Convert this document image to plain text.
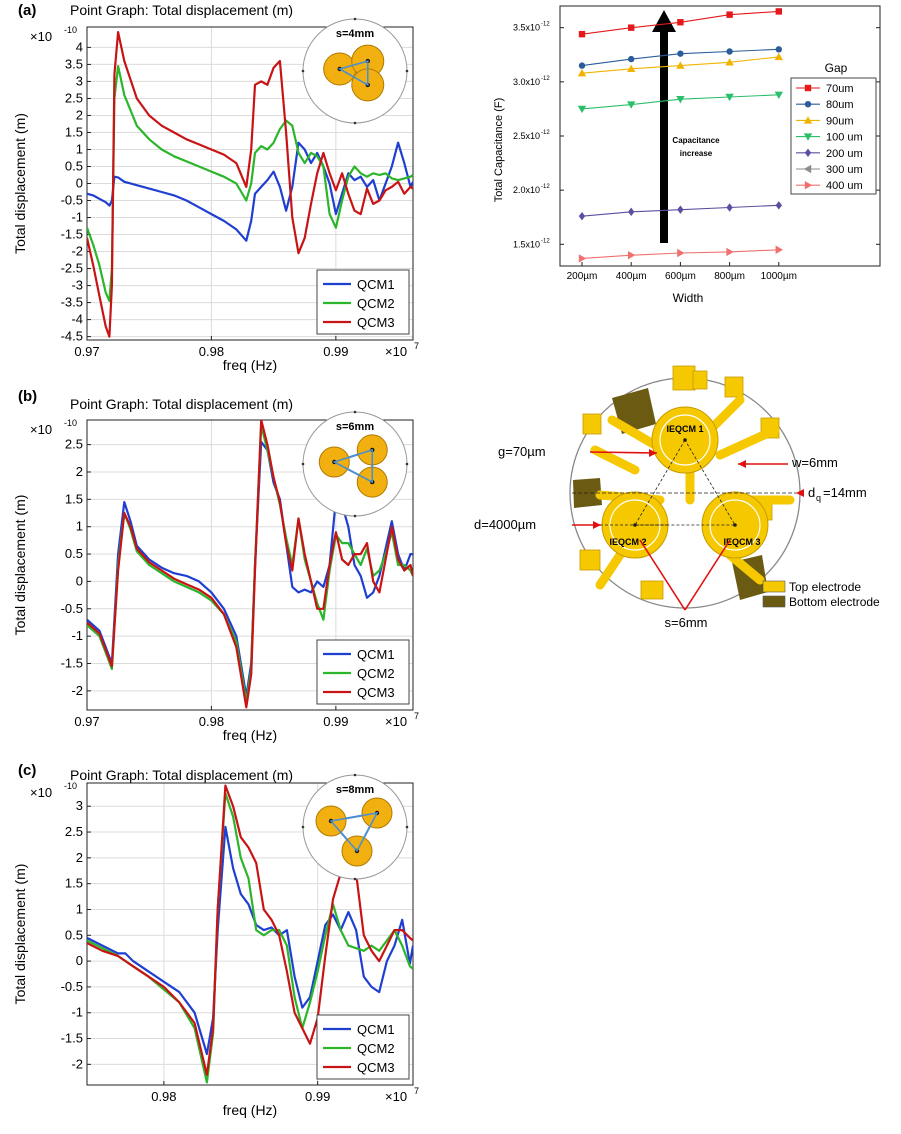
(a) Point Graph: Total displacement (m)
-4.5
-4
-3.5
-3
-2.5
-2
-1.5
-1
-0.5
0
0.5
1
1.5
2
2.5
3
3.5
4
0.97	0.98	0.99
×10 -10
×10 7
freq (Hz)
Total displacement (m)
QCM1
QCM2
QCM3
s=4mm
(b) Point Graph: Total displacement (m)
-2
-1.5
-1
-0.5
0
0.5
1
1.5
2
2.5
0.97	0.98	0.99
×10 -10
×10 7
freq (Hz)
Total displacement (m)
QCM1
QCM2
QCM3
s=6mm
(c) Point Graph: Total displacement (m)
-2
-1.5
-1
-0.5
0
0.5
1
1.5
2
2.5
3
0.98	0.99
×10 -10
×10 7
freq (Hz)
Total displacement (m)
QCM1
QCM2
QCM3
s=8mm
1.5x10 -12
2.0x10 -12
2.5x10 -12
3.0x10 -12
3.5x10 -12
200µm 400µm 600µm 800µm 1000µm
Width
Total Capacitance (F)	Capacitance
increase
Gap
70um
80um
90um
100 um
200 um
300 um
400 um
IEQCM 1
IEQCM 2	IEQCM 3
g=70µm
w=6mm
d q =14mm
d=4000µm
s=6mm
Top electrode
Bottom electrode
